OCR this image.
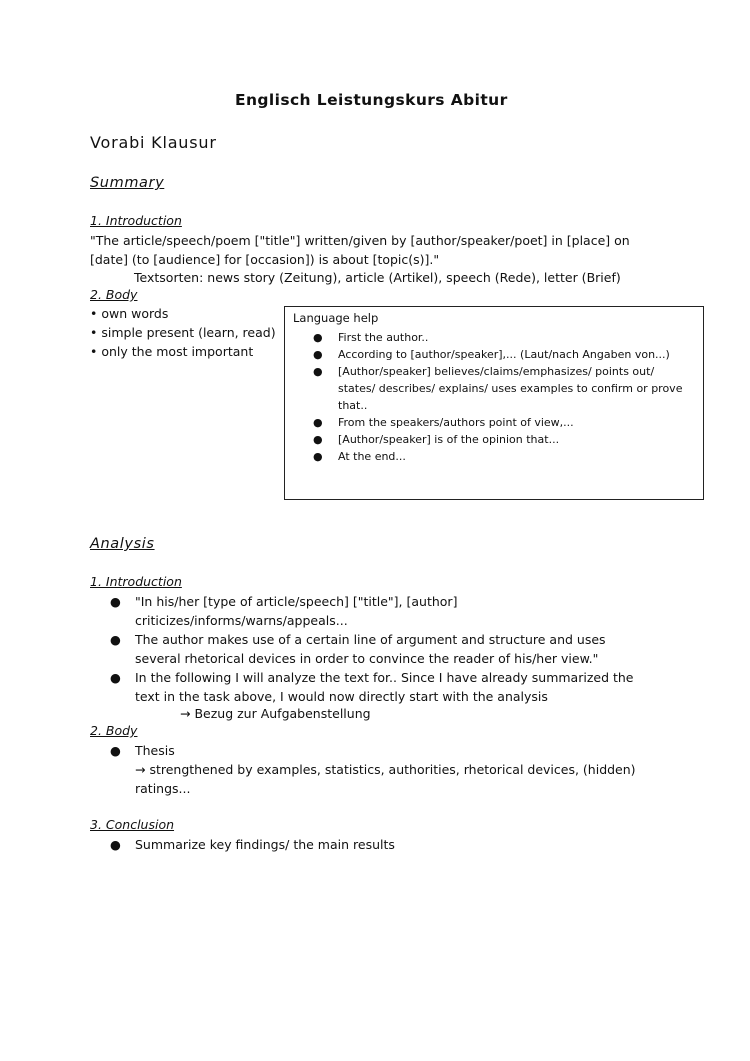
Englisch Leistungskurs Abitur
Vorabi Klausur
Summary
1. Introduction
"The article/speech/poem ["title"] written/given by [author/speaker/poet] in [place] on
[date] (to [audience] for [occasion]) is about [topic(s)]."
Textsorten: news story (Zeitung), article (Artikel), speech (Rede), letter (Brief)
2. Body
• own words
• simple present (learn, read)
• only the most important
Language help
● First the author..
● According to [author/speaker],... (Laut/nach Angaben von...)
● [Author/speaker] believes/claims/emphasizes/ points out/ states/ describes/ explains/ uses examples to confirm or prove that..
● From the speakers/authors point of view,...
● [Author/speaker] is of the opinion that...
● At the end...
Analysis
1. Introduction
● "In his/her [type of article/speech] ["title"], [author] criticizes/informs/warns/appeals...
● The author makes use of a certain line of argument and structure and uses several rhetorical devices in order to convince the reader of his/her view."
● In the following I will analyze the text for.. Since I have already summarized the text in the task above, I would now directly start with the analysis
→ Bezug zur Aufgabenstellung
2. Body
● Thesis
→ strengthened by examples, statistics, authorities, rhetorical devices, (hidden)
ratings...
3. Conclusion
● Summarize key findings/ the main results
